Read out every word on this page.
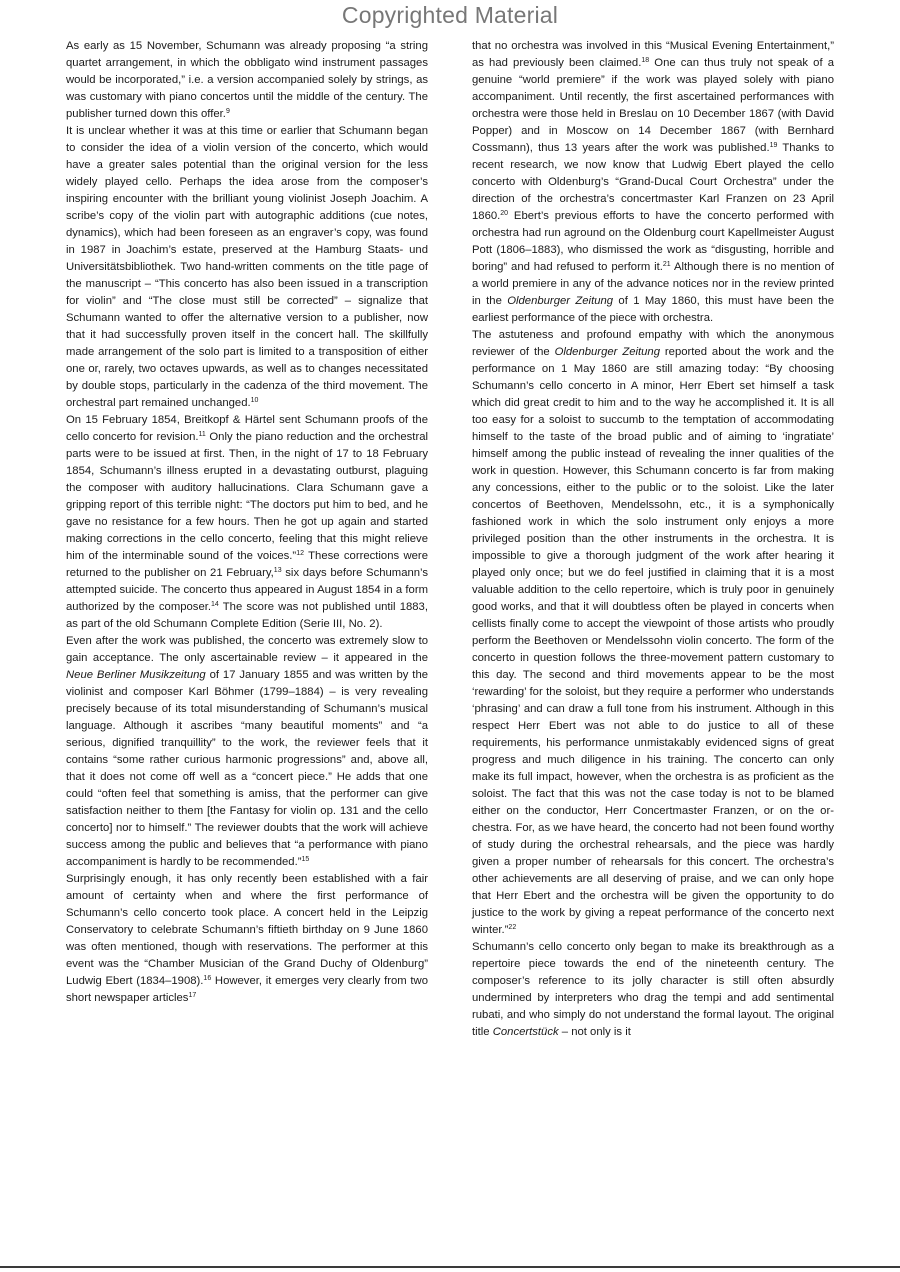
Copyrighted Material

As early as 15 November, Schumann was already proposing “a string quartet arrangement, in which the obbligato wind instrument passages would be incorporated,” i.e. a version accompanied solely by strings, as was customary with piano concertos until the middle of the century. The publisher turned down this offer.$^9$

It is unclear whether it was at this time or earlier that Schumann began to consider the idea of a violin version of the concerto, which would have a greater sales potential than the original version for the less widely played cello. Perhaps the idea arose from the composer’s inspiring encounter with the brilliant young violinist Joseph Joachim. A scribe’s copy of the violin part with autographic additions (cue notes, dynamics), which had been foreseen as an engraver’s copy, was found in 1987 in Joachim’s estate, preserved at the Hamburg Staats- und Universitätsbibliothek. Two hand-written comments on the title page of the manuscript – “This concerto has also been issued in a transcription for violin” and “The close must still be corrected” – signalize that Schumann wanted to offer the alternative version to a publisher, now that it had successfully proven itself in the concert hall. The skillfully made arrangement of the solo part is limited to a transposition of either one or, rarely, two octaves upwards, as well as to changes necessitated by double stops, particularly in the cadenza of the third movement. The orchestral part remained unchanged.$^{10}$

On 15 February 1854, Breitkopf & Härtel sent Schumann proofs of the cello concerto for revision.$^{11}$ Only the piano reduction and the orchestral parts were to be issued at first. Then, in the night of 17 to 18 February 1854, Schumann’s illness erupted in a devastating outburst, plaguing the composer with auditory hallucinations. Clara Schumann gave a gripping report of this terrible night: “The doctors put him to bed, and he gave no resistance for a few hours. Then he got up again and started making corrections in the cello concerto, feeling that this might relieve him of the interminable sound of the voices.”$^{12}$ These corrections were returned to the publisher on 21 February,$^{13}$ six days before Schumann’s attempted suicide. The concerto thus appeared in August 1854 in a form authorized by the composer.$^{14}$ The score was not published until 1883, as part of the old Schumann Complete Edition (Serie III, No. 2).

Even after the work was published, the concerto was extremely slow to gain acceptance. The only ascertainable review – it appeared in the Neue Berliner Musikzeitung of 17 January 1855 and was written by the violinist and composer Karl Böhmer (1799–1884) – is very revealing precisely because of its total misunderstanding of Schumann’s musical language. Although it ascribes “many beautiful moments” and “a serious, dignified tranquillity” to the work, the reviewer feels that it contains “some rather curious harmonic progressions” and, above all, that it does not come off well as a “concert piece.” He adds that one could “often feel that something is amiss, that the performer can give satisfaction neither to them [the Fantasy for violin op. 131 and the cello concerto] nor to himself.” The reviewer doubts that the work will achieve success among the public and believes that “a performance with piano accompaniment is hardly to be recommended.”$^{15}$

Surprisingly enough, it has only recently been established with a fair amount of certainty when and where the first performance of Schumann’s cello concerto took place. A concert held in the Leipzig Conservatory to celebrate Schumann’s fiftieth birthday on 9 June 1860 was often mentioned, though with reservations. The performer at this event was the “Chamber Musician of the Grand Duchy of Oldenburg” Ludwig Ebert (1834–1908).$^{16}$ However, it emerges very clearly from two short newspaper articles$^{17}$

that no orchestra was involved in this “Musical Evening Entertainment,” as had previously been claimed.$^{18}$ One can thus truly not speak of a genuine “world premiere” if the work was played solely with piano accompaniment. Until recently, the first ascertained performances with orchestra were those held in Breslau on 10 December 1867 (with David Popper) and in Moscow on 14 December 1867 (with Bernhard Cossmann), thus 13 years after the work was published.$^{19}$ Thanks to recent research, we now know that Ludwig Ebert played the cello concerto with Oldenburg’s “Grand-Ducal Court Orchestra” under the direction of the orchestra’s concertmaster Karl Franzen on 23 April 1860.20 Ebert’s previous efforts to have the concerto performed with orchestra had run aground on the Oldenburg court Kapellmeister August Pott (1806–1883), who dismissed the work as “disgusting, horrible and boring” and had refused to perform it.$^{21}$ Although there is no mention of a world premiere in any of the advance notices nor in the review printed in the Oldenburger Zeitung of 1 May 1860, this must have been the earliest performance of the piece with orchestra.

The astuteness and profound empathy with which the anonymous reviewer of the Oldenburger Zeitung reported about the work and the performance on 1 May 1860 are still amazing today: “By choosing Schumann’s cello concerto in A minor, Herr Ebert set himself a task which did great credit to him and to the way he accomplished it. It is all too easy for a soloist to succumb to the temptation of accommodating himself to the taste of the broad public and of aiming to ‘ingratiate’ himself among the public instead of revealing the inner qualities of the work in question. However, this Schumann concerto is far from making any concessions, either to the public or to the soloist. Like the later concertos of Beethoven, Mendelssohn, etc., it is a symphonically fashioned work in which the solo instrument only enjoys a more privileged position than the other instruments in the orchestra. It is impossible to give a thorough judgment of the work after hearing it played only once; but we do feel justified in claiming that it is a most valuable addition to the cello repertoire, which is truly poor in genuinely good works, and that it will doubtless often be played in concerts when cellists finally come to accept the viewpoint of those artists who proudly perform the Beethoven or Mendelssohn violin concerto. The form of the concerto in question follows the three-movement pattern customary to this day. The second and third movements appear to be the most ‘rewarding’ for the soloist, but they require a performer who understands ‘phrasing’ and can draw a full tone from his instrument. Although in this respect Herr Ebert was not able to do justice to all of these requirements, his performance unmistakably evidenced signs of great progress and much diligence in his training. The concerto can only make its full impact, however, when the orchestra is as proficient as the soloist. The fact that this was not the case today is not to be blamed either on the conductor, Herr Concertmaster Franzen, or on the orchestra. For, as we have heard, the concerto had not been found worthy of study during the orchestral rehearsals, and the piece was hardly given a proper number of rehearsals for this concert. The orchestra’s other achievements are all deserving of praise, and we can only hope that Herr Ebert and the orchestra will be given the opportunity to do justice to the work by giving a repeat performance of the concerto next winter.”$^{22}$

Schumann’s cello concerto only began to make its breakthrough as a repertoire piece towards the end of the nineteenth century. The composer’s reference to its jolly character is still often absurdly undermined by interpreters who drag the tempi and add sentimental rubati, and who simply do not understand the formal layout. The original title Concertstück – not only is it
